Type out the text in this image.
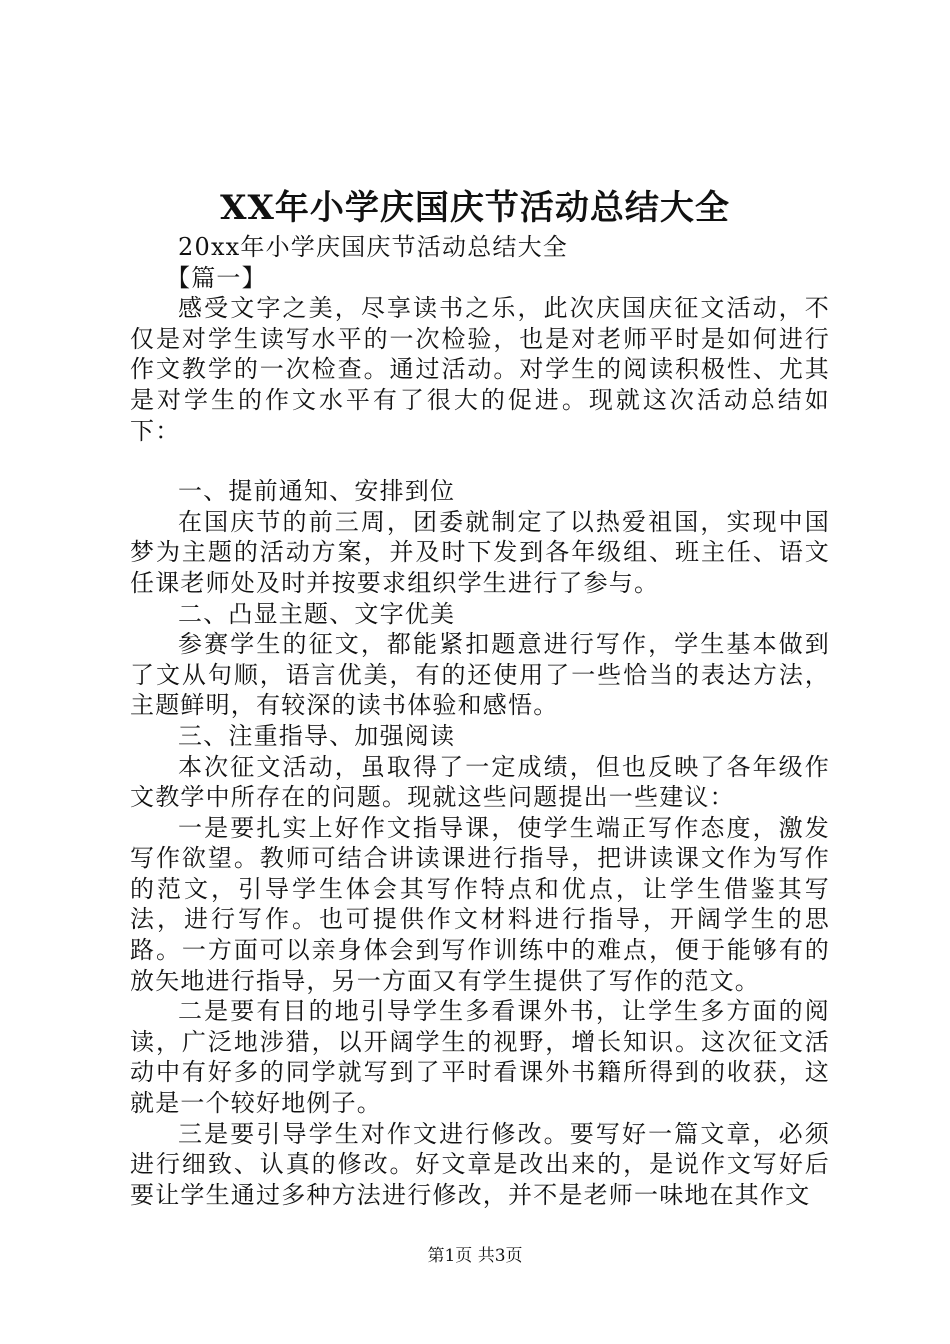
XX年小学庆国庆节活动总结大全

20xx年小学庆国庆节活动总结大全

【篇一】

感受文字之美，尽享读书之乐，此次庆国庆征文活动，不仅是对学生读写水平的一次检验，也是对老师平时是如何进行作文教学的一次检查。通过活动。对学生的阅读积极性、尤其是对学生的作文水平有了很大的促进。现就这次活动总结如下：

一、提前通知、安排到位

在国庆节的前三周，团委就制定了以热爱祖国，实现中国梦为主题的活动方案，并及时下发到各年级组、班主任、语文任课老师处及时并按要求组织学生进行了参与。

二、凸显主题、文字优美

参赛学生的征文，都能紧扣题意进行写作，学生基本做到了文从句顺，语言优美，有的还使用了一些恰当的表达方法，主题鲜明，有较深的读书体验和感悟。

三、注重指导、加强阅读

本次征文活动，虽取得了一定成绩，但也反映了各年级作文教学中所存在的问题。现就这些问题提出一些建议：

一是要扎实上好作文指导课，使学生端正写作态度，激发写作欲望。教师可结合讲读课进行指导，把讲读课文作为写作的范文，引导学生体会其写作特点和优点，让学生借鉴其写法，进行写作。也可提供作文材料进行指导，开阔学生的思路。一方面可以亲身体会到写作训练中的难点，便于能够有的放矢地进行指导，另一方面又有学生提供了写作的范文。

二是要有目的地引导学生多看课外书，让学生多方面的阅读，广泛地涉猎，以开阔学生的视野，增长知识。这次征文活动中有好多的同学就写到了平时看课外书籍所得到的收获，这就是一个较好地例子。

三是要引导学生对作文进行修改。要写好一篇文章，必须进行细致、认真的修改。好文章是改出来的，是说作文写好后要让学生通过多种方法进行修改，并不是老师一味地在其作文

第1页 共3页
